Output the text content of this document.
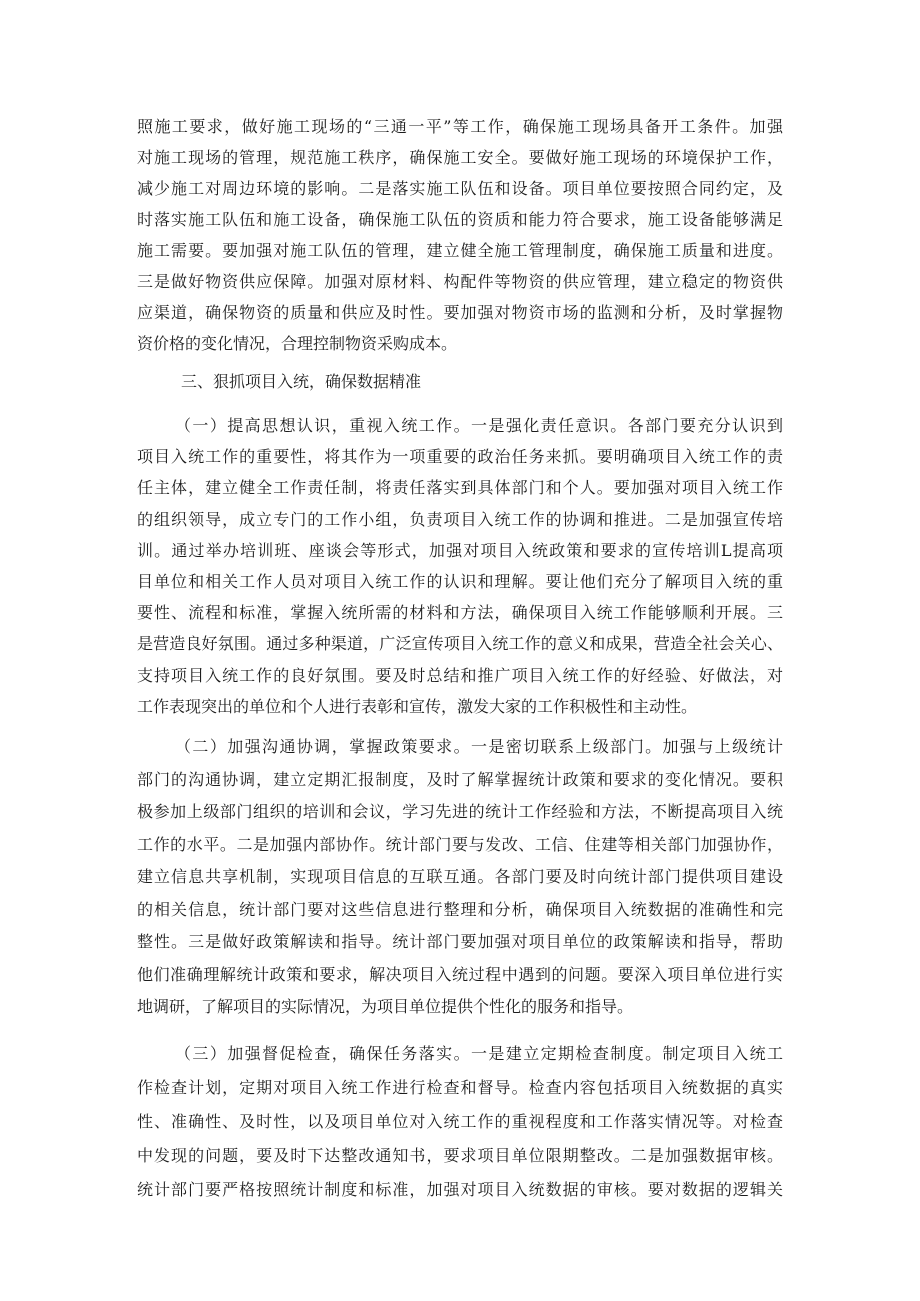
照施工要求，做好施工现场的“三通一平”等工作，确保施工现场具备开工条件。加强
对施工现场的管理，规范施工秩序，确保施工安全。要做好施工现场的环境保护工作，
减少施工对周边环境的影响。二是落实施工队伍和设备。项目单位要按照合同约定，及
时落实施工队伍和施工设备，确保施工队伍的资质和能力符合要求，施工设备能够满足
施工需要。要加强对施工队伍的管理，建立健全施工管理制度，确保施工质量和进度。
三是做好物资供应保障。加强对原材料、构配件等物资的供应管理，建立稳定的物资供
应渠道，确保物资的质量和供应及时性。要加强对物资市场的监测和分析，及时掌握物
资价格的变化情况，合理控制物资采购成本。
三、狠抓项目入统，确保数据精准
（一）提高思想认识，重视入统工作。一是强化责任意识。各部门要充分认识到
项目入统工作的重要性，将其作为一项重要的政治任务来抓。要明确项目入统工作的责
任主体，建立健全工作责任制，将责任落实到具体部门和个人。要加强对项目入统工作
的组织领导，成立专门的工作小组，负责项目入统工作的协调和推进。二是加强宣传培
训。通过举办培训班、座谈会等形式，加强对项目入统政策和要求的宣传培训L提高项
目单位和相关工作人员对项目入统工作的认识和理解。要让他们充分了解项目入统的重
要性、流程和标准，掌握入统所需的材料和方法，确保项目入统工作能够顺利开展。三
是营造良好氛围。通过多种渠道，广泛宣传项目入统工作的意义和成果，营造全社会关心、
支持项目入统工作的良好氛围。要及时总结和推广项目入统工作的好经验、好做法，对
工作表现突出的单位和个人进行表彰和宣传，激发大家的工作积极性和主动性。
（二）加强沟通协调，掌握政策要求。一是密切联系上级部门。加强与上级统计
部门的沟通协调，建立定期汇报制度，及时了解掌握统计政策和要求的变化情况。要积
极参加上级部门组织的培训和会议，学习先进的统计工作经验和方法，不断提高项目入统
工作的水平。二是加强内部协作。统计部门要与发改、工信、住建等相关部门加强协作，
建立信息共享机制，实现项目信息的互联互通。各部门要及时向统计部门提供项目建设
的相关信息，统计部门要对这些信息进行整理和分析，确保项目入统数据的准确性和完
整性。三是做好政策解读和指导。统计部门要加强对项目单位的政策解读和指导，帮助
他们准确理解统计政策和要求，解决项目入统过程中遇到的问题。要深入项目单位进行实
地调研，了解项目的实际情况，为项目单位提供个性化的服务和指导。
（三）加强督促检查，确保任务落实。一是建立定期检查制度。制定项目入统工
作检查计划，定期对项目入统工作进行检查和督导。检查内容包括项目入统数据的真实
性、准确性、及时性，以及项目单位对入统工作的重视程度和工作落实情况等。对检查
中发现的问题，要及时下达整改通知书，要求项目单位限期整改。二是加强数据审核。
统计部门要严格按照统计制度和标准，加强对项目入统数据的审核。要对数据的逻辑关
